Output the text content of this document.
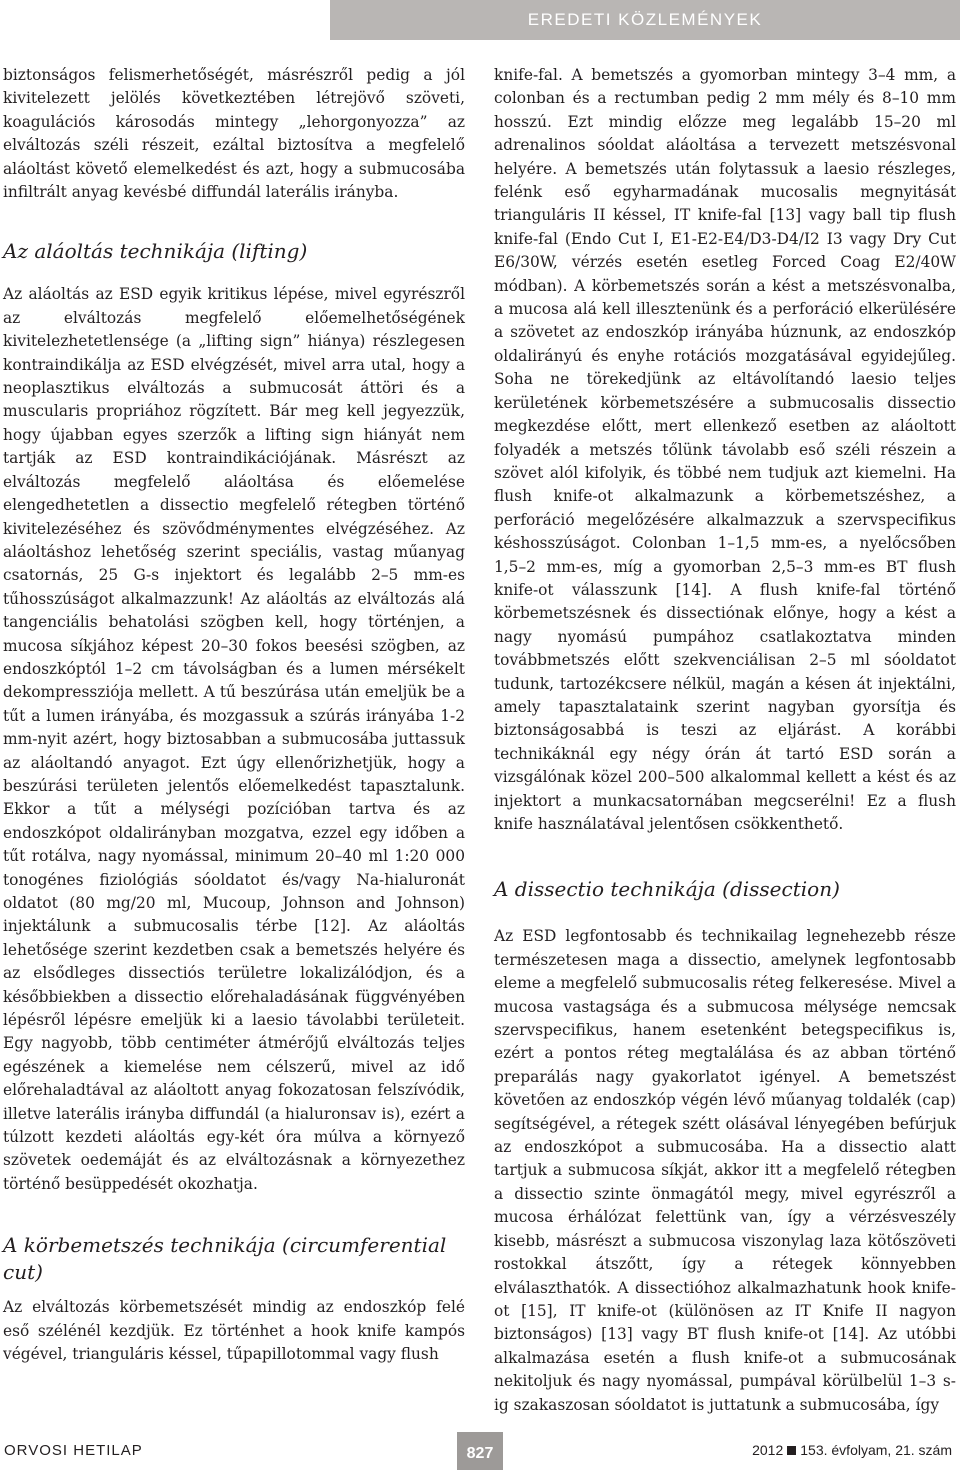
EREDETI KÖZLEMÉNYEK

biztonságos felismerhetőségét, másrészről pedig a jól kivitelezett jelölés következtében létrejövő szöveti, koagulációs károsodás mintegy „lehorgonyozza” az elváltozás széli részeit, ezáltal biztosítva a megfelelő aláoltást követő elemelkedést és azt, hogy a submucosába infiltrált anyag kevésbé diffundál laterális irányba.

Az aláoltás technikája (lifting)

Az aláoltás az ESD egyik kritikus lépése, mivel egyrészről az elváltozás megfelelő előemelhetőségének kivitelezhetetlensége (a „lifting sign” hiánya) részlegesen kontraindikálja az ESD elvégzését, mivel arra utal, hogy a neoplasztikus elváltozás a submucosát áttöri és a muscularis propriához rögzített. Bár meg kell jegyezzük, hogy újabban egyes szerzők a lifting sign hiányát nem tartják az ESD kontraindikációjának. Másrészt az elváltozás megfelelő aláoltása és előemelése elengedhetetlen a dissectio megfelelő rétegben történő kivitelezéséhez és szövődménymentes elvégzéséhez. Az aláoltáshoz lehetőség szerint speciális, vastag műanyag csatornás, 25 G-s injektort és legalább 2–5 mm-es tűhosszúságot alkalmazzunk! Az aláoltás az elváltozás alá tangenciális behatolási szögben kell, hogy történjen, a mucosa síkjához képest 20–30 fokos beesési szögben, az endoszkóptól 1–2 cm távolságban és a lumen mérsékelt dekompressziója mellett. A tű beszúrása után emeljük be a tűt a lumen irányába, és mozgassuk a szúrás irányába 1-2 mm-nyit azért, hogy biztosabban a submucosába juttassuk az aláoltandó anyagot. Ezt úgy ellenőrizhetjük, hogy a beszúrási területen jelentős előemelkedést tapasztalunk. Ekkor a tűt a mélységi pozícióban tartva és az endoszkópot oldalirányban mozgatva, ezzel egy időben a tűt rotálva, nagy nyomással, minimum 20–40 ml 1:20 000 tonogénes fiziológiás sóoldatot és/vagy Na-hialuronát oldatot (80 mg/20 ml, Mucoup, Johnson and Johnson) injektálunk a submucosalis térbe [12]. Az aláoltás lehetősége szerint kezdetben csak a bemetszés helyére és az elsődleges dissectiós területre lokalizálódjon, és a későbbiekben a dissectio előrehaladásának függvényében lépésről lépésre emeljük ki a laesio távolabbi területeit. Egy nagyobb, több centiméter átmérőjű elváltozás teljes egészének a kiemelése nem célszerű, mivel az idő előrehaladtával az aláoltott anyag fokozatosan felszívódik, illetve laterális irányba diffundál (a hialuronsav is), ezért a túlzott kezdeti aláoltás egy-két óra múlva a környező szövetek oedemáját és az elváltozásnak a környezethez történő besüppedését okozhatja.

A körbemetszés technikája (circumferential cut)

Az elváltozás körbemetszését mindig az endoszkóp felé eső szélénél kezdjük. Ez történhet a hook knife kampós végével, trianguláris késsel, tűpapillotommal vagy flush

knife-fal. A bemetszés a gyomorban mintegy 3–4 mm, a colonban és a rectumban pedig 2 mm mély és 8–10 mm hosszú. Ezt mindig előzze meg legalább 15–20 ml adrenalinos sóoldat aláoltása a tervezett metszésvonal helyére. A bemetszés után folytassuk a laesio részleges, felénk eső egyharmadának mucosalis megnyitását trianguláris II késsel, IT knife-fal [13] vagy ball tip flush knife-fal (Endo Cut I, E1-E2-E4/D3-D4/I2 I3 vagy Dry Cut E6/30W, vérzés esetén esetleg Forced Coag E2/40W módban). A körbemetszés során a kést a metszésvonalba, a mucosa alá kell illesztenünk és a perforáció elkerülésére a szövetet az endoszkóp irányába húznunk, az endoszkóp oldalirányú és enyhe rotációs mozgatásával egyidejűleg. Soha ne törekedjünk az eltávolítandó laesio teljes kerületének körbemetszésére a submucosalis dissectio megkezdése előtt, mert ellenkező esetben az aláoltott folyadék a metszés tőlünk távolabb eső széli részein a szövet alól kifolyik, és többé nem tudjuk azt kiemelni. Ha flush knife-ot alkalmazunk a körbemetszéshez, a perforáció megelőzésére alkalmazzuk a szervspecifikus késhosszúságot. Colonban 1–1,5 mm-es, a nyelőcsőben 1,5–2 mm-es, míg a gyomorban 2,5–3 mm-es BT flush knife-ot válasszunk [14]. A flush knife-fal történő körbemetszésnek és dissectiónak előnye, hogy a kést a nagy nyomású pumpához csatlakoztatva minden továbbmetszés előtt szekvenciálisan 2–5 ml sóoldatot tudunk, tartozékcsere nélkül, magán a késen át injektálni, amely tapasztalataink szerint nagyban gyorsítja és biztonságosabbá is teszi az eljárást. A korábbi technikáknál egy négy órán át tartó ESD során a vizsgálónak közel 200–500 alkalommal kellett a kést és az injektort a munkacsatornában megcserélni! Ez a flush knife használatával jelentősen csökkenthető.

A dissectio technikája (dissection)

Az ESD legfontosabb és technikailag legnehezebb része természetesen maga a dissectio, amelynek legfontosabb eleme a megfelelő submucosalis réteg felkeresése. Mivel a mucosa vastagsága és a submucosa mélysége nemcsak szervspecifikus, hanem esetenként betegspecifikus is, ezért a pontos réteg megtalálása és az abban történő preparálás nagy gyakorlatot igényel. A bemetszést követően az endoszkóp végén lévő műanyag toldalék (cap) segítségével, a rétegek szétt olásával lényegében befúrjuk az endoszkópot a submucosába. Ha a dissectio alatt tartjuk a submucosa síkját, akkor itt a megfelelő rétegben a dissectio szinte önmagától megy, mivel egyrészről a mucosa érhálózat felettünk van, így a vérzésveszély kisebb, másrészt a submucosa viszonylag laza kötőszöveti rostokkal átszőtt, így a rétegek könnyebben elválaszthatók. A dissectióhoz alkalmazhatunk hook knife-ot [15], IT knife-ot (különösen az IT Knife II nagyon biztonságos) [13] vagy BT flush knife-ot [14]. Az utóbbi alkalmazása esetén a flush knife-ot a submucosának nekitoljuk és nagy nyomással, pumpával körülbelül 1–3 s-ig szakaszosan sóoldatot is juttatunk a submucosába, így

ORVOSI HETILAP	827	2012 153. évfolyam, 21. szám
